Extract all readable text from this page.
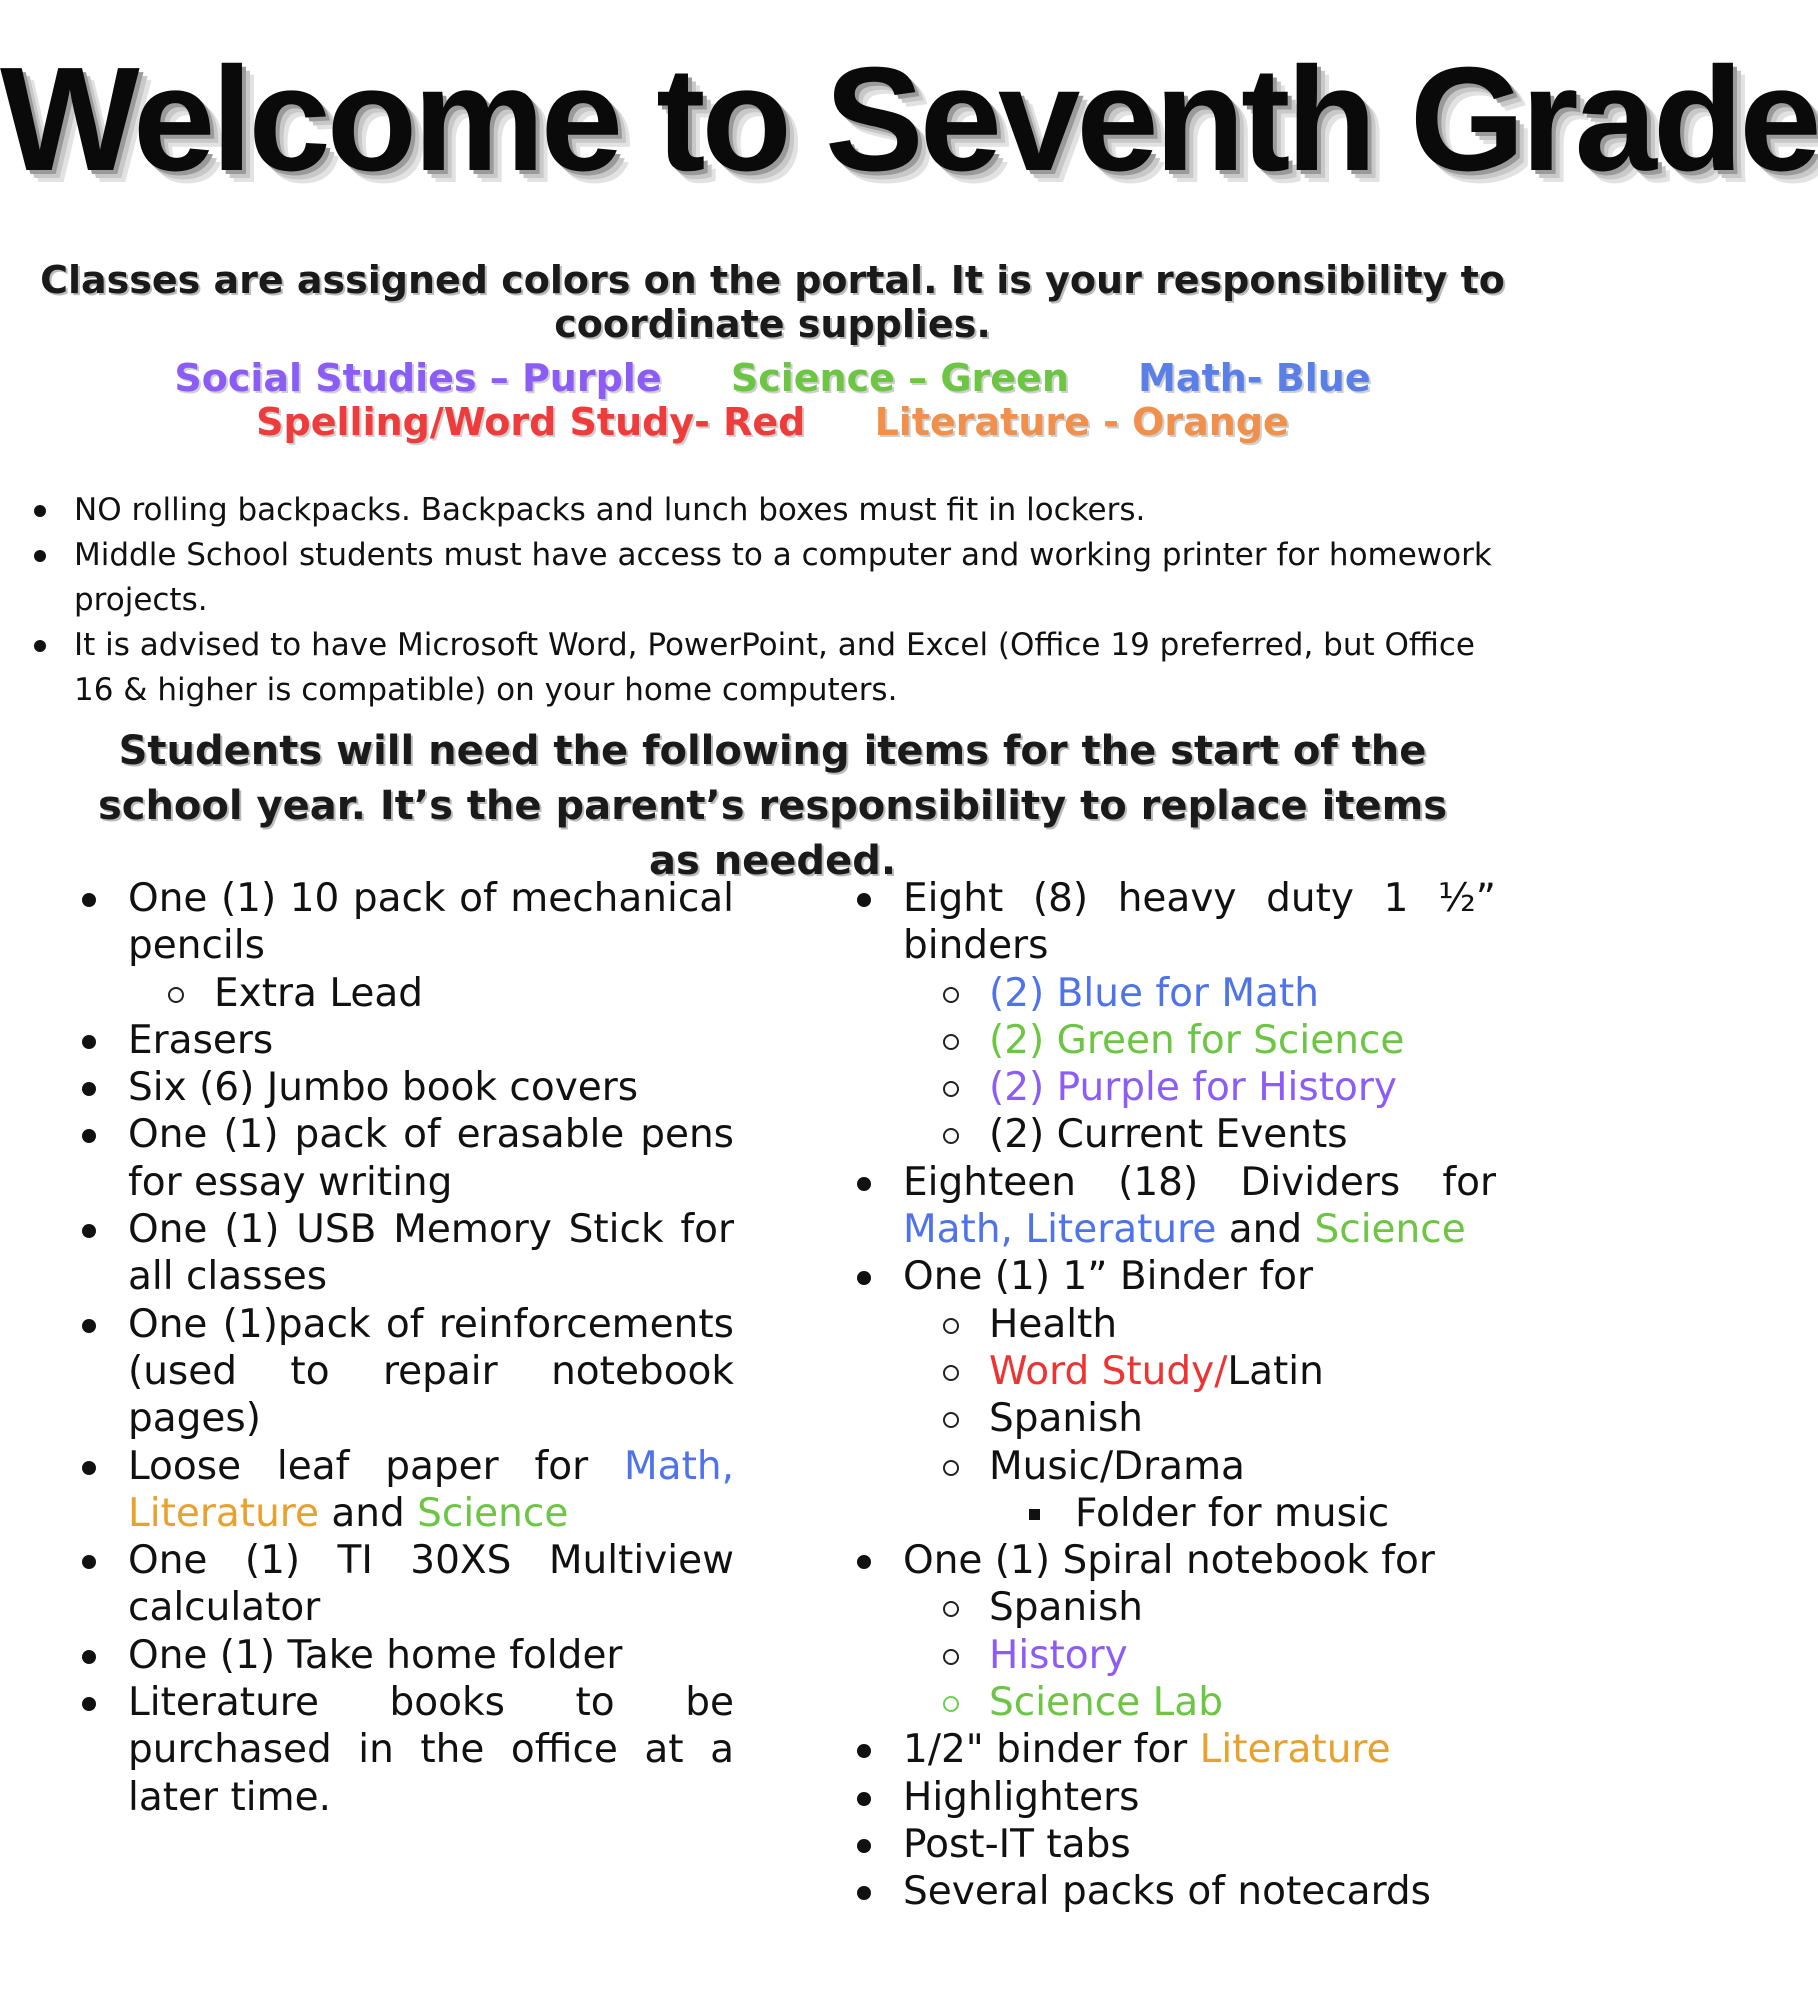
Welcome to Seventh Grade
Classes are assigned colors on the portal. It is your responsibility to coordinate supplies.
Social Studies – Purple Science – Green Math- Blue
Spelling/Word Study- Red Literature - Orange
NO rolling backpacks. Backpacks and lunch boxes must fit in lockers.
Middle School students must have access to a computer and working printer for homework projects.
It is advised to have Microsoft Word, PowerPoint, and Excel (Office 19 preferred, but Office 16 & higher is compatible) on your home computers.
Students will need the following items for the start of the school year. It’s the parent’s responsibility to replace items as needed.
One (1) 10 pack of mechanical pencils
Extra Lead
Erasers
Six (6) Jumbo book covers
One (1) pack of erasable pens for essay writing
One (1) USB Memory Stick for all classes
One (1)pack of reinforcements (used to repair notebook pages)
Loose leaf paper for Math, Literature and Science
One (1) TI 30XS Multiview calculator
One (1) Take home folder
Literature books to be purchased in the office at a later time.
Eight (8) heavy duty 1 ½” binders
(2) Blue for Math
(2) Green for Science
(2) Purple for History
(2) Current Events
Eighteen (18) Dividers for Math, Literature and Science
One (1) 1” Binder for
Health
Word Study/Latin
Spanish
Music/Drama
Folder for music
One (1) Spiral notebook for
Spanish
History
Science Lab
1/2" binder for Literature
Highlighters
Post-IT tabs
Several packs of notecards
